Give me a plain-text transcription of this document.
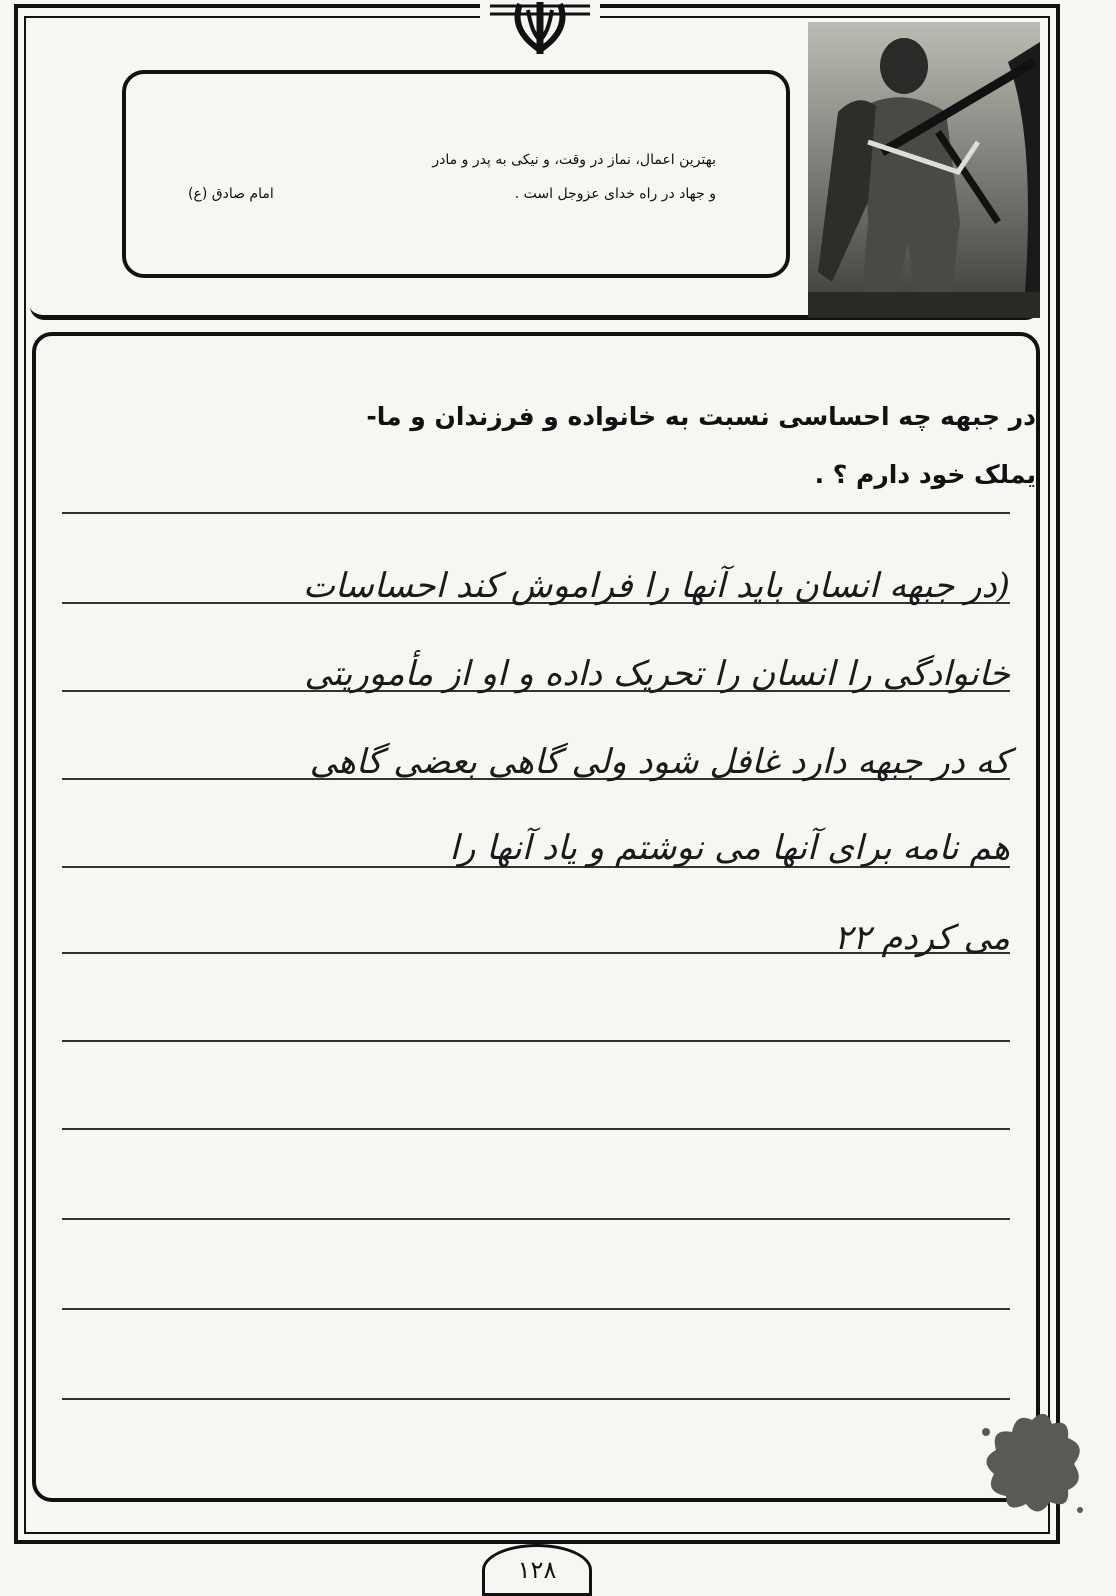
بهترین اعمال، نماز در وقت، و نیکی به پدر و مادر
و جهاد در راه خدای عزوجل است .
امام صادق (ع)
در جبهه چه احساسی نسبت به خانواده و فرزندان و ما-
یملک خود دارم ؟ .
(در جبهه انسان باید آنها را فراموش کند احساسات
خانوادگی را انسان را تحریک داده و او از مأموریتی
که در جبهه دارد غافل شود ولی گاهی بعضی گاهی
هم نامه برای آنها می نوشتم و یاد آنها را
می کردم ۲۲
۱۲۸
